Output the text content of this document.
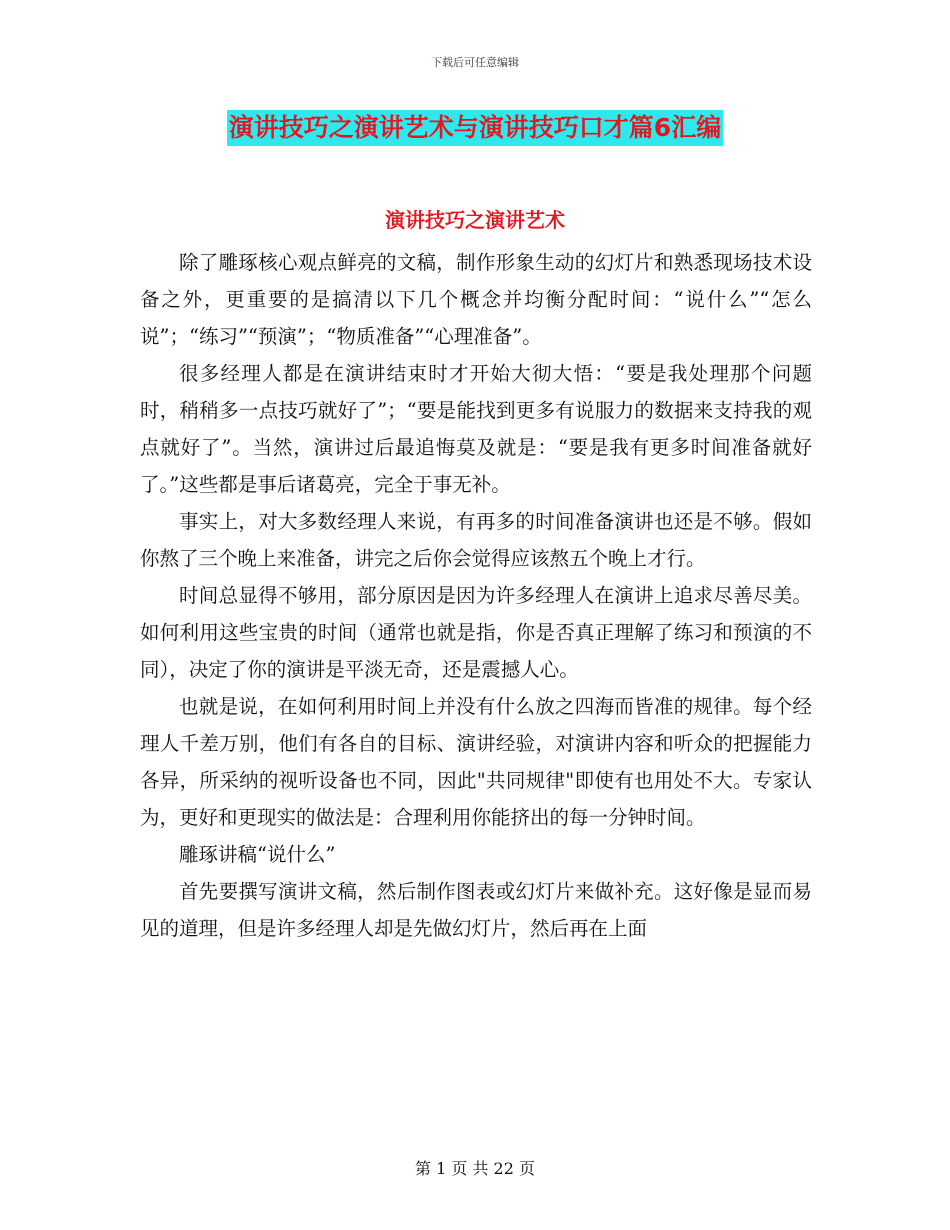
下载后可任意编辑
演讲技巧之演讲艺术与演讲技巧口才篇6汇编
演讲技巧之演讲艺术

除了雕琢核心观点鲜亮的文稿，制作形象生动的幻灯片和熟悉现场技术设备之外，更重要的是搞清以下几个概念并均衡分配时间：“说什么”“怎么说”；“练习”“预演”；“物质准备”“心理准备”。

很多经理人都是在演讲结束时才开始大彻大悟：“要是我处理那个问题时，稍稍多一点技巧就好了”；“要是能找到更多有说服力的数据来支持我的观点就好了”。当然，演讲过后最追悔莫及就是：“要是我有更多时间准备就好了。”这些都是事后诸葛亮，完全于事无补。

事实上，对大多数经理人来说，有再多的时间准备演讲也还是不够。假如你熬了三个晚上来准备，讲完之后你会觉得应该熬五个晚上才行。

时间总显得不够用，部分原因是因为许多经理人在演讲上追求尽善尽美。如何利用这些宝贵的时间（通常也就是指，你是否真正理解了练习和预演的不同），决定了你的演讲是平淡无奇，还是震撼人心。

也就是说，在如何利用时间上并没有什么放之四海而皆准的规律。每个经理人千差万别，他们有各自的目标、演讲经验，对演讲内容和听众的把握能力各异，所采纳的视听设备也不同，因此"共同规律"即使有也用处不大。专家认为，更好和更现实的做法是：合理利用你能挤出的每一分钟时间。

雕琢讲稿“说什么”

首先要撰写演讲文稿，然后制作图表或幻灯片来做补充。这好像是显而易见的道理，但是许多经理人却是先做幻灯片，然后再在上面

第 1 页 共 22 页
